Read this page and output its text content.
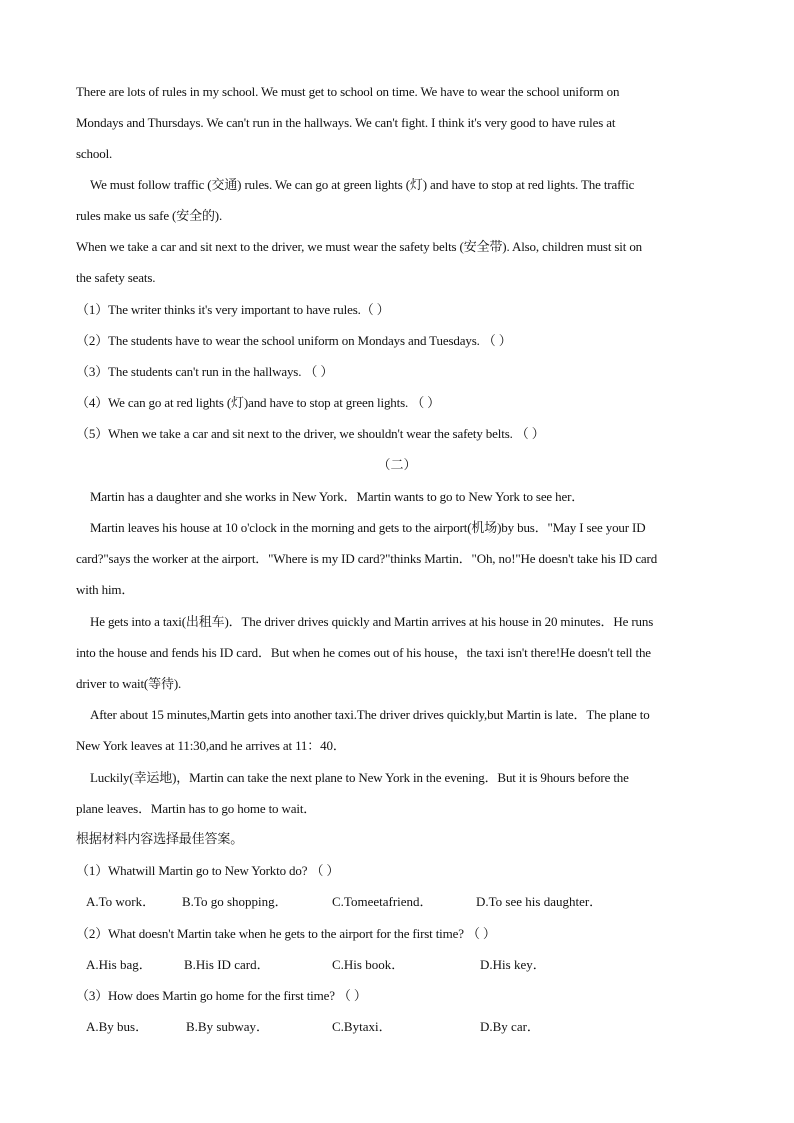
There are lots of rules in my school. We must get to school on time. We have to wear the school uniform on
Mondays and Thursdays. We can't run in the hallways. We can't fight. I think it's very good to have rules at
school.
We must follow traffic (交通) rules. We can go at green lights (灯) and have to stop at red lights. The traffic
rules make us safe (安全的).
When we take a car and sit next to the driver, we must wear the safety belts (安全带). Also, children must sit on
the safety seats.
（1）The writer thinks it's very important to have rules.（ ）
（2）The students have to wear the school uniform on Mondays and Tuesdays. （ ）
（3）The students can't run in the hallways. （ ）
（4）We can go at red lights (灯)and have to stop at green lights. （ ）
（5）When we take a car and sit next to the driver, we shouldn't wear the safety belts. （ ）
（二）
Martin has a daughter and she works in New York．Martin wants to go to New York to see her．
Martin leaves his house at 10 o'clock in the morning and gets to the airport(机场)by bus．"May I see your ID
card?"says the worker at the airport．"Where is my ID card?"thinks Martin．"Oh, no!"He doesn't take his ID card
with him．
He gets into a taxi(出租车)．The driver drives quickly and Martin arrives at his house in 20 minutes．He runs
into the house and fends his ID card．But when he comes out of his house，the taxi isn't there!He doesn't tell the
driver to wait(等待).
After about 15 minutes,Martin gets into another taxi.The driver drives quickly,but Martin is late．The plane to
New York leaves at 11:30,and he arrives at 11：40．
Luckily(幸运地)，Martin can take the next plane to New York in the evening．But it is 9hours before the
plane leaves．Martin has to go home to wait．
根据材料内容选择最佳答案。
（1）Whatwill Martin go to New Yorkto do? （ ）
A.To work． B.To go shopping．	C.Tomeetafriend．	D.To see his daughter．
（2）What doesn't Martin take when he gets to the airport for the first time? （ ）
A.His bag． B.His ID card．	C.His book．	D.His key．
（3）How does Martin go home for the first time? （ ）
A.By bus．	B.By subway．	C.Bytaxi．	D.By car．
